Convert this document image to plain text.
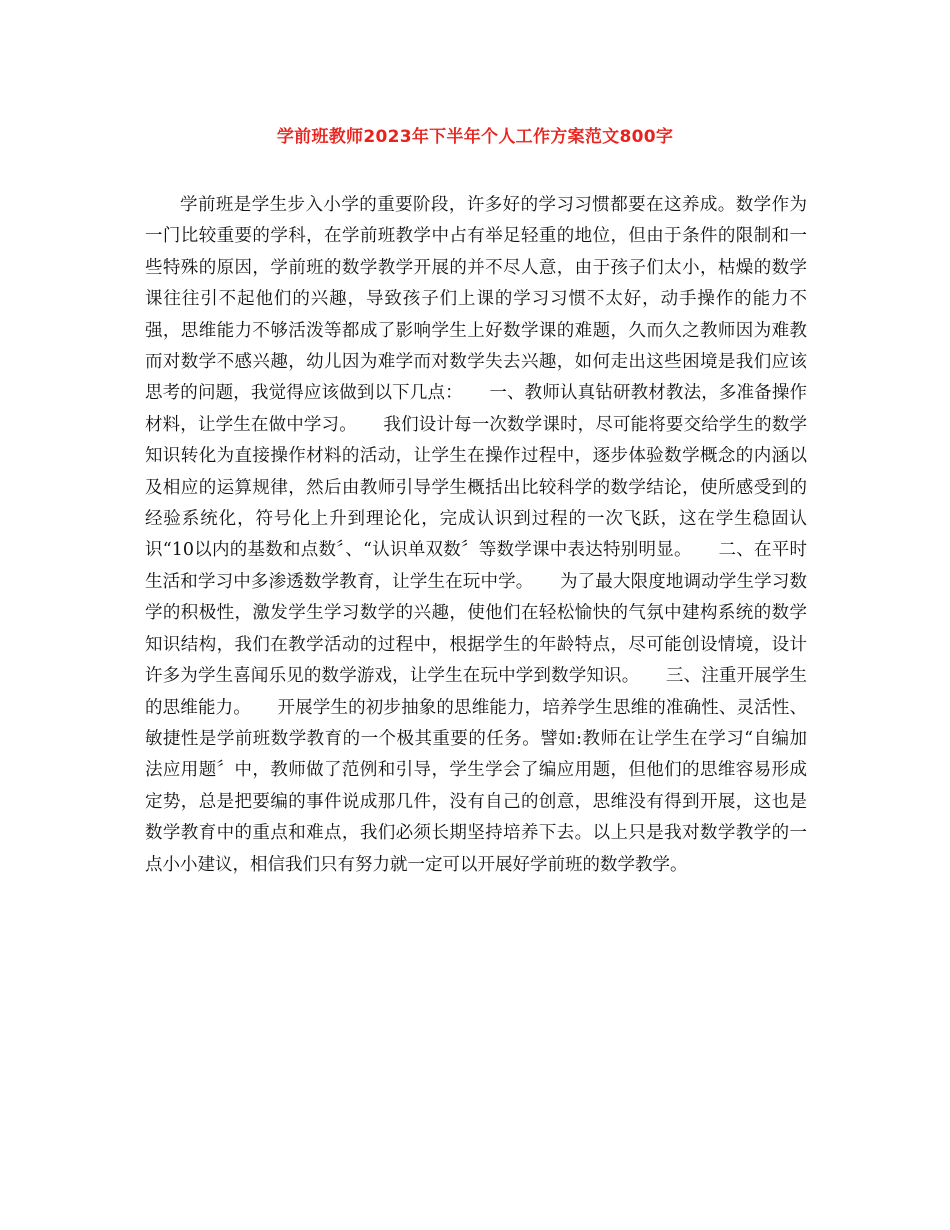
学前班教师2023年下半年个人工作方案范文800字

学前班是学生步入小学的重要阶段，许多好的学习习惯都要在这养成。数学作为一门比较重要的学科，在学前班教学中占有举足轻重的地位，但由于条件的限制和一些特殊的原因，学前班的数学教学开展的并不尽人意，由于孩子们太小，枯燥的数学课往往引不起他们的兴趣，导致孩子们上课的学习习惯不太好，动手操作的能力不强，思维能力不够活泼等都成了影响学生上好数学课的难题，久而久之教师因为难教而对数学不感兴趣，幼儿因为难学而对数学失去兴趣，如何走出这些困境是我们应该思考的问题，我觉得应该做到以下几点：　　一、教师认真钻研教材教法，多准备操作材料，让学生在做中学习。　　我们设计每一次数学课时，尽可能将要交给学生的数学知识转化为直接操作材料的活动，让学生在操作过程中，逐步体验数学概念的内涵以及相应的运算规律，然后由教师引导学生概括出比较科学的数学结论，使所感受到的经验系统化，符号化上升到理论化，完成认识到过程的一次飞跃，这在学生稳固认识“10以内的基数和点数〞、“认识单双数〞等数学课中表达特别明显。　　二、在平时生活和学习中多渗透数学教育，让学生在玩中学。　　为了最大限度地调动学生学习数学的积极性，激发学生学习数学的兴趣，使他们在轻松愉快的气氛中建构系统的数学知识结构，我们在教学活动的过程中，根据学生的年龄特点，尽可能创设情境，设计许多为学生喜闻乐见的数学游戏，让学生在玩中学到数学知识。　　三、注重开展学生的思维能力。　　开展学生的初步抽象的思维能力，培养学生思维的准确性、灵活性、敏捷性是学前班数学教育的一个极其重要的任务。譬如:教师在让学生在学习“自编加法应用题〞中，教师做了范例和引导，学生学会了编应用题，但他们的思维容易形成定势，总是把要编的事件说成那几件，没有自己的创意，思维没有得到开展，这也是数学教育中的重点和难点，我们必须长期坚持培养下去。以上只是我对数学教学的一点小小建议，相信我们只有努力就一定可以开展好学前班的数学教学。
